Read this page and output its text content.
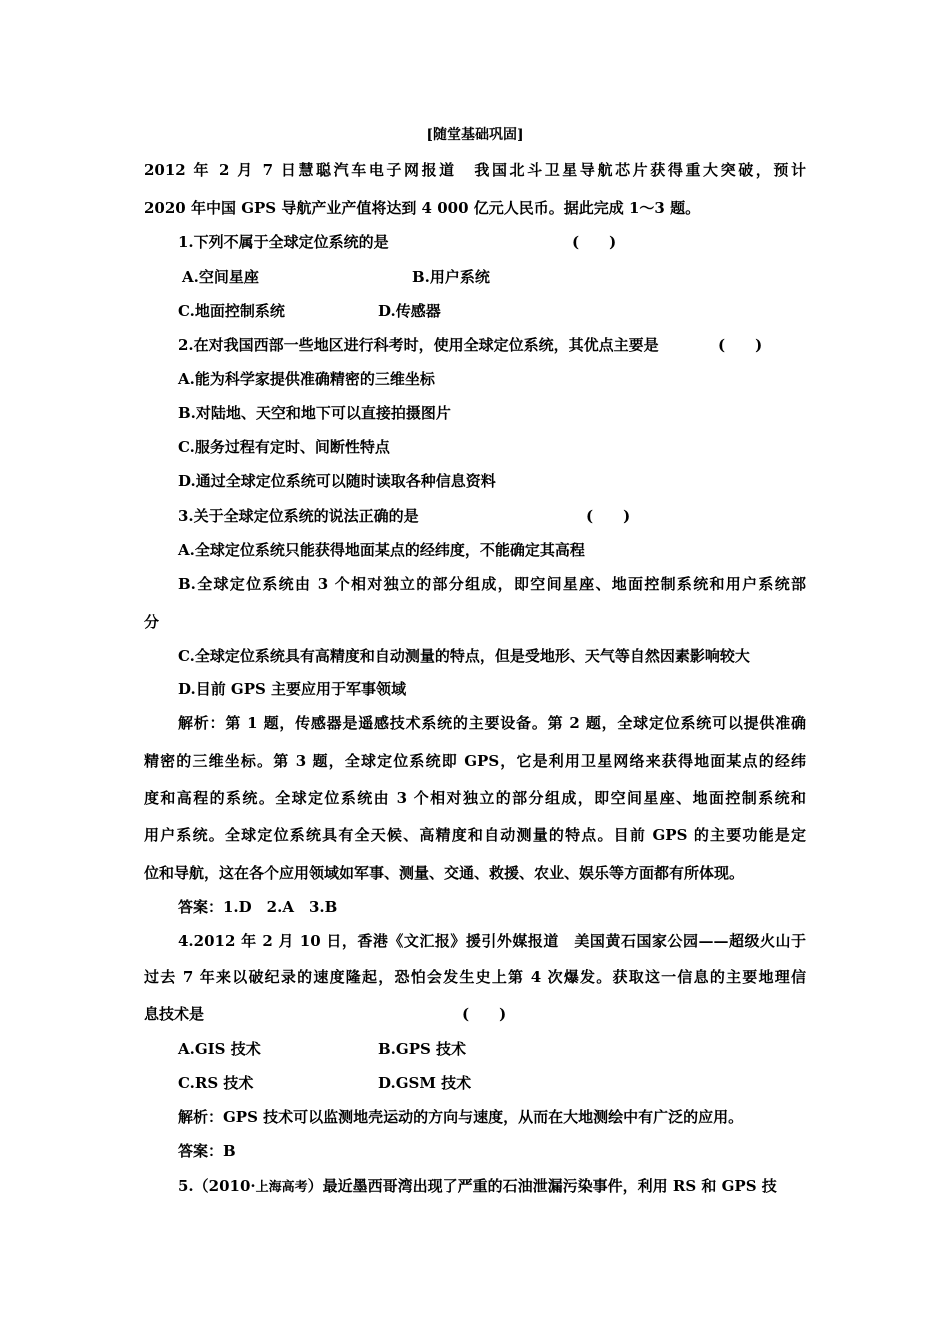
[随堂基础巩固]
2012 年 2 月 7 日慧聪汽车电子网报道　我国北斗卫星导航芯片获得重大突破，预计
2020 年中国 GPS 导航产业产值将达到 4 000 亿元人民币。据此完成 1～3 题。
1.下列不属于全球定位系统的是	(　　)
A.空间星座	B.用户系统
C.地面控制系统	D.传感器
2.在对我国西部一些地区进行科考时，使用全球定位系统，其优点主要是	(　　)
A.能为科学家提供准确精密的三维坐标
B.对陆地、天空和地下可以直接拍摄图片
C.服务过程有定时、间断性特点
D.通过全球定位系统可以随时读取各种信息资料
3.关于全球定位系统的说法正确的是	(　　)
A.全球定位系统只能获得地面某点的经纬度，不能确定其高程
B.全球定位系统由 3 个相对独立的部分组成，即空间星座、地面控制系统和用户系统部
分
C.全球定位系统具有高精度和自动测量的特点，但是受地形、天气等自然因素影响较大
D.目前 GPS 主要应用于军事领域
解析：第 1 题，传感器是遥感技术系统的主要设备。第 2 题，全球定位系统可以提供准确
精密的三维坐标。第 3 题，全球定位系统即 GPS，它是利用卫星网络来获得地面某点的经纬
度和高程的系统。全球定位系统由 3 个相对独立的部分组成，即空间星座、地面控制系统和
用户系统。全球定位系统具有全天候、高精度和自动测量的特点。目前 GPS 的主要功能是定
位和导航，这在各个应用领域如军事、测量、交通、救援、农业、娱乐等方面都有所体现。
答案：1.D　2.A　3.B
4.2012 年 2 月 10 日，香港《文汇报》援引外媒报道　美国黄石国家公园——超级火山于
过去 7 年来以破纪录的速度隆起，恐怕会发生史上第 4 次爆发。获取这一信息的主要地理信
息技术是	(　　)
A.GIS 技术	B.GPS 技术
C.RS 技术	D.GSM 技术
解析：GPS 技术可以监测地壳运动的方向与速度，从而在大地测绘中有广泛的应用。
答案：B
5.（2010·上海高考）最近墨西哥湾出现了严重的石油泄漏污染事件，利用 RS 和 GPS 技
